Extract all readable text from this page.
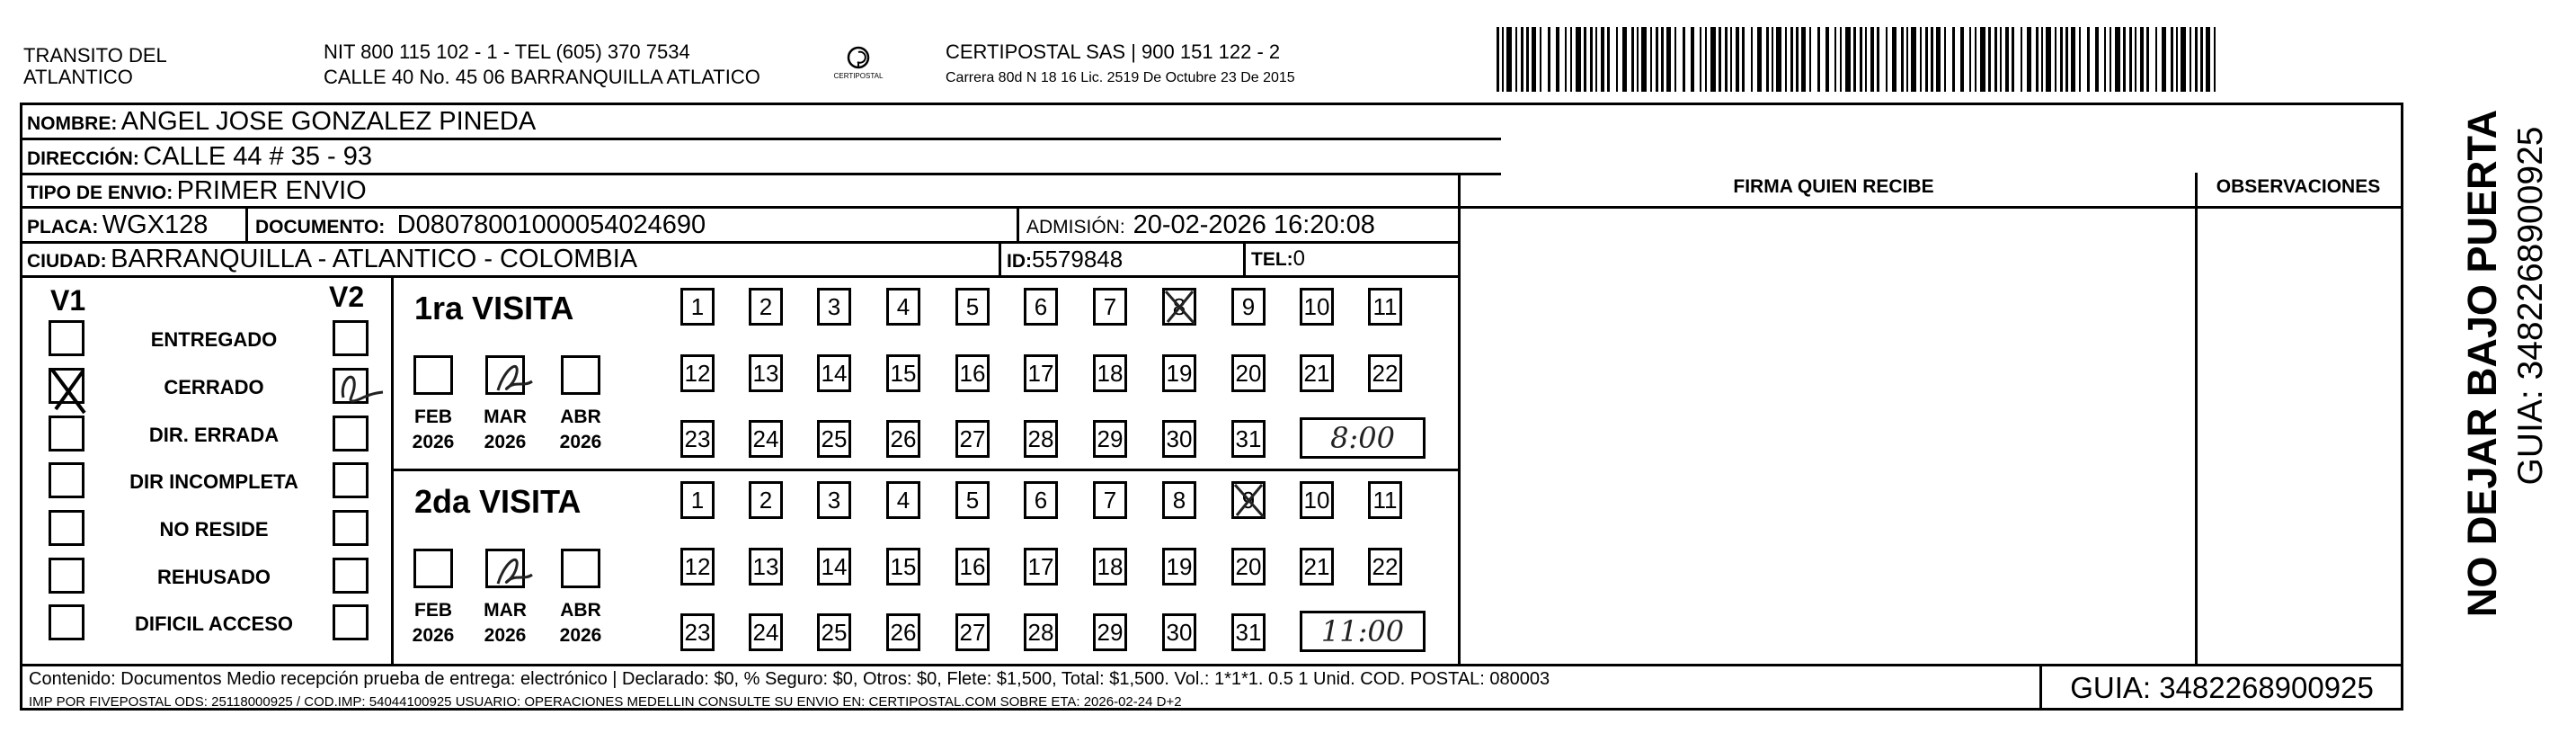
TRANSITO DEL ATLANTICO
NIT 800 115 102 - 1 - TEL (605) 370 7534
CALLE 40 No. 45 06 BARRANQUILLA ATLATICO	CERTIPOSTAL
CERTIPOSTAL SAS | 900 151 122 - 2
Carrera 80d N 18 16 Lic. 2519 De Octubre 23 De 2015
NOMBRE: ANGEL JOSE GONZALEZ PINEDA
DIRECCIÓN: CALLE 44 # 35 - 93
TIPO DE ENVIO: PRIMER ENVIO
PLACA: WGX128	DOCUMENTO: D08078001000054024690	ADMISIÓN: 20-02-2026 16:20:08
CIUDAD: BARRANQUILLA - ATLANTICO - COLOMBIA	ID:5579848	TEL:0
FIRMA QUIEN RECIBE	OBSERVACIONES
V1	V2
ENTREGADO
CERRADO
DIR. ERRADA
DIR INCOMPLETA
NO RESIDE
REHUSADO
DIFICIL ACCESO
1ra VISITA
FEB
2026
MAR
2026
ABR
2026
1	2	3	4	5	6	7	8	9	10 11
12 13 14 15 16 17 18 19 20 21 22
23 24 25 26 27 28 29 30 31	8:00
2da VISITA
FEB
2026
MAR
2026
ABR
2026
1	2	3	4	5	6	7	8	9	10 11
12 13 14 15 16 17 18 19 20 21 22
23 24 25 26 27 28 29 30 31	11:00
Contenido: Documentos Medio recepción prueba de entrega: electrónico | Declarado: $0, % Seguro: $0, Otros: $0, Flete: $1,500, Total: $1,500. Vol.: 1*1*1. 0.5 1 Unid. COD. POSTAL: 080003
IMP POR FIVEPOSTAL ODS: 25118000925 / COD.IMP: 54044100925 USUARIO: OPERACIONES MEDELLIN CONSULTE SU ENVIO EN: CERTIPOSTAL.COM SOBRE ETA: 2026-02-24 D+2	GUIA: 3482268900925
NO DEJAR BAJO PUERTA GUIA: 3482268900925
